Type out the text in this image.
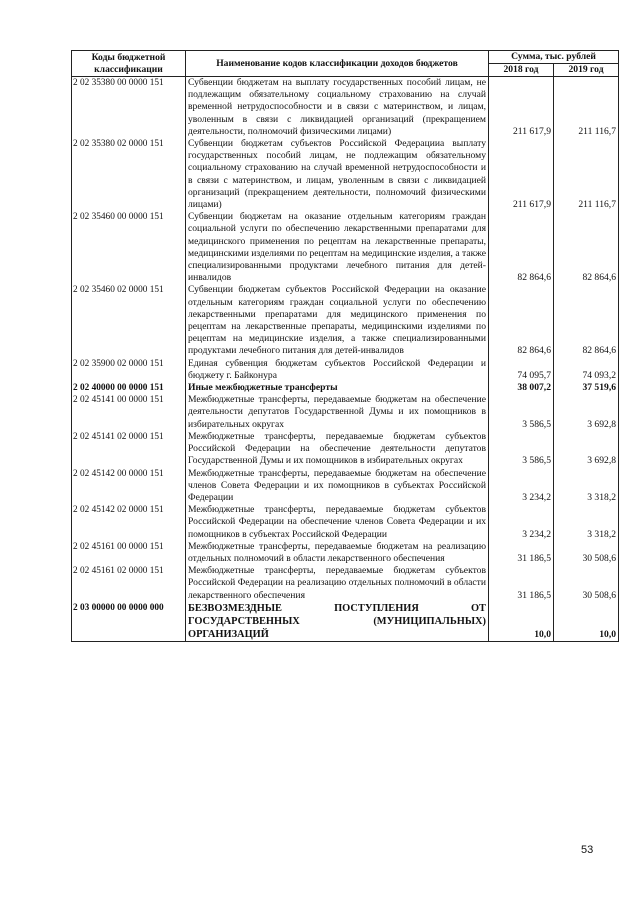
Коды бюджетной классификации	Наименование кодов классификации доходов бюджетов	Сумма, тыс. рублей	
		2018 год	2019 год
2 02 35380 00 0000 151	Субвенции бюджетам на выплату государственных пособий лицам, не подлежащим обязательному социальному страхованию на случай временной нетрудоспособности и в связи с материнством, и лицам, уволенным в связи с ликвидацией организаций (прекращением деятельности, полномочий физическими лицами)	211 617,9	211 116,7
2 02 35380 02 0000 151	Субвенции бюджетам субъектов Российской Федерацииа выплату государственных пособий лицам, не подлежащим обязательному социальному страхованию на случай временной нетрудоспособности и в связи с материнством, и лицам, уволенным в связи с ликвидацией организаций (прекращением деятельности, полномочий физическими лицами)	211 617,9	211 116,7
2 02 35460 00 0000 151	Субвенции бюджетам на оказание отдельным категориям граждан социальной услуги по обеспечению лекарственными препаратами для медицинского применения по рецептам на лекарственные препараты, медицинскими изделиями по рецептам на медицинские изделия, а также специализированными продуктами лечебного питания для детей-инвалидов	82 864,6	82 864,6
2 02 35460 02 0000 151	Субвенции бюджетам субъектов Российской Федерации на оказание отдельным категориям граждан социальной услуги по обеспечению лекарственными препаратами для медицинского применения по рецептам на лекарственные препараты, медицинскими изделиями по рецептам на медицинские изделия, а также специализированными продуктами лечебного питания для детей-инвалидов	82 864,6	82 864,6
2 02 35900 02 0000 151	Единая субвенция бюджетам субъектов Российской Федерации и бюджету г. Байконура	74 095,7	74 093,2
2 02 40000 00 0000 151	Иные межбюджетные трансферты	38 007,2	37 519,6
2 02 45141 00 0000 151	Межбюджетные трансферты, передаваемые бюджетам на обеспечение деятельности депутатов Государственной Думы и их помощников в избирательных округах	3 586,5	3 692,8
2 02 45141 02 0000 151	Межбюджетные трансферты, передаваемые бюджетам субъектов Российской Федерации на обеспечение деятельности депутатов Государственной Думы и их помощников в избирательных округах	3 586,5	3 692,8
2 02 45142 00 0000 151	Межбюджетные трансферты, передаваемые бюджетам на обеспечение членов Совета Федерации и их помощников в субъектах Российской Федерации	3 234,2	3 318,2
2 02 45142 02 0000 151	Межбюджетные трансферты, передаваемые бюджетам субъектов Российской Федерации на обеспечение членов Совета Федерации и их помощников в субъектах Российской Федерации	3 234,2	3 318,2
2 02 45161 00 0000 151	Межбюджетные трансферты, передаваемые бюджетам на реализацию отдельных полномочий в области лекарственного обеспечения	31 186,5	30 508,6
2 02 45161 02 0000 151	Межбюджетные трансферты, передаваемые бюджетам субъектов Российской Федерации на реализацию отдельных полномочий в области лекарственного обеспечения	31 186,5	30 508,6
2 03 00000 00 0000 000	БЕЗВОЗМЕЗДНЫЕ ПОСТУПЛЕНИЯ ОТ ГОСУДАРСТВЕННЫХ (МУНИЦИПАЛЬНЫХ) ОРГАНИЗАЦИЙ	10,0	10,0
53
